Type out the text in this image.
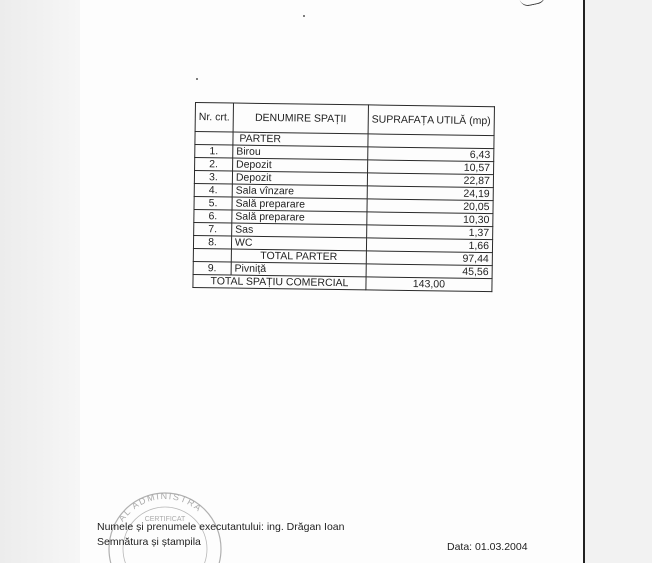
Nr. crt.	DENUMIRE SPAȚII	SUPRAFAȚA UTILĂ (mp)
	PARTER	
1.	Birou	6,43
2.	Depozit	10,57
3.	Depozit	22,87
4.	Sala vînzare	24,19
5.	Sală preparare	20,05
6.	Sală preparare	10,30
7.	Sas	1,37
8.	WC	1,66
	TOTAL PARTER	97,44
9.	Pivniță	45,56
TOTAL SPAȚIU COMERCIAL		143,00
AL ADMINISTRA
CERTIFICAT
Numele și prenumele executantului: ing. Drăgan Ioan
Semnătura și ștampila	Data: 01.03.2004
